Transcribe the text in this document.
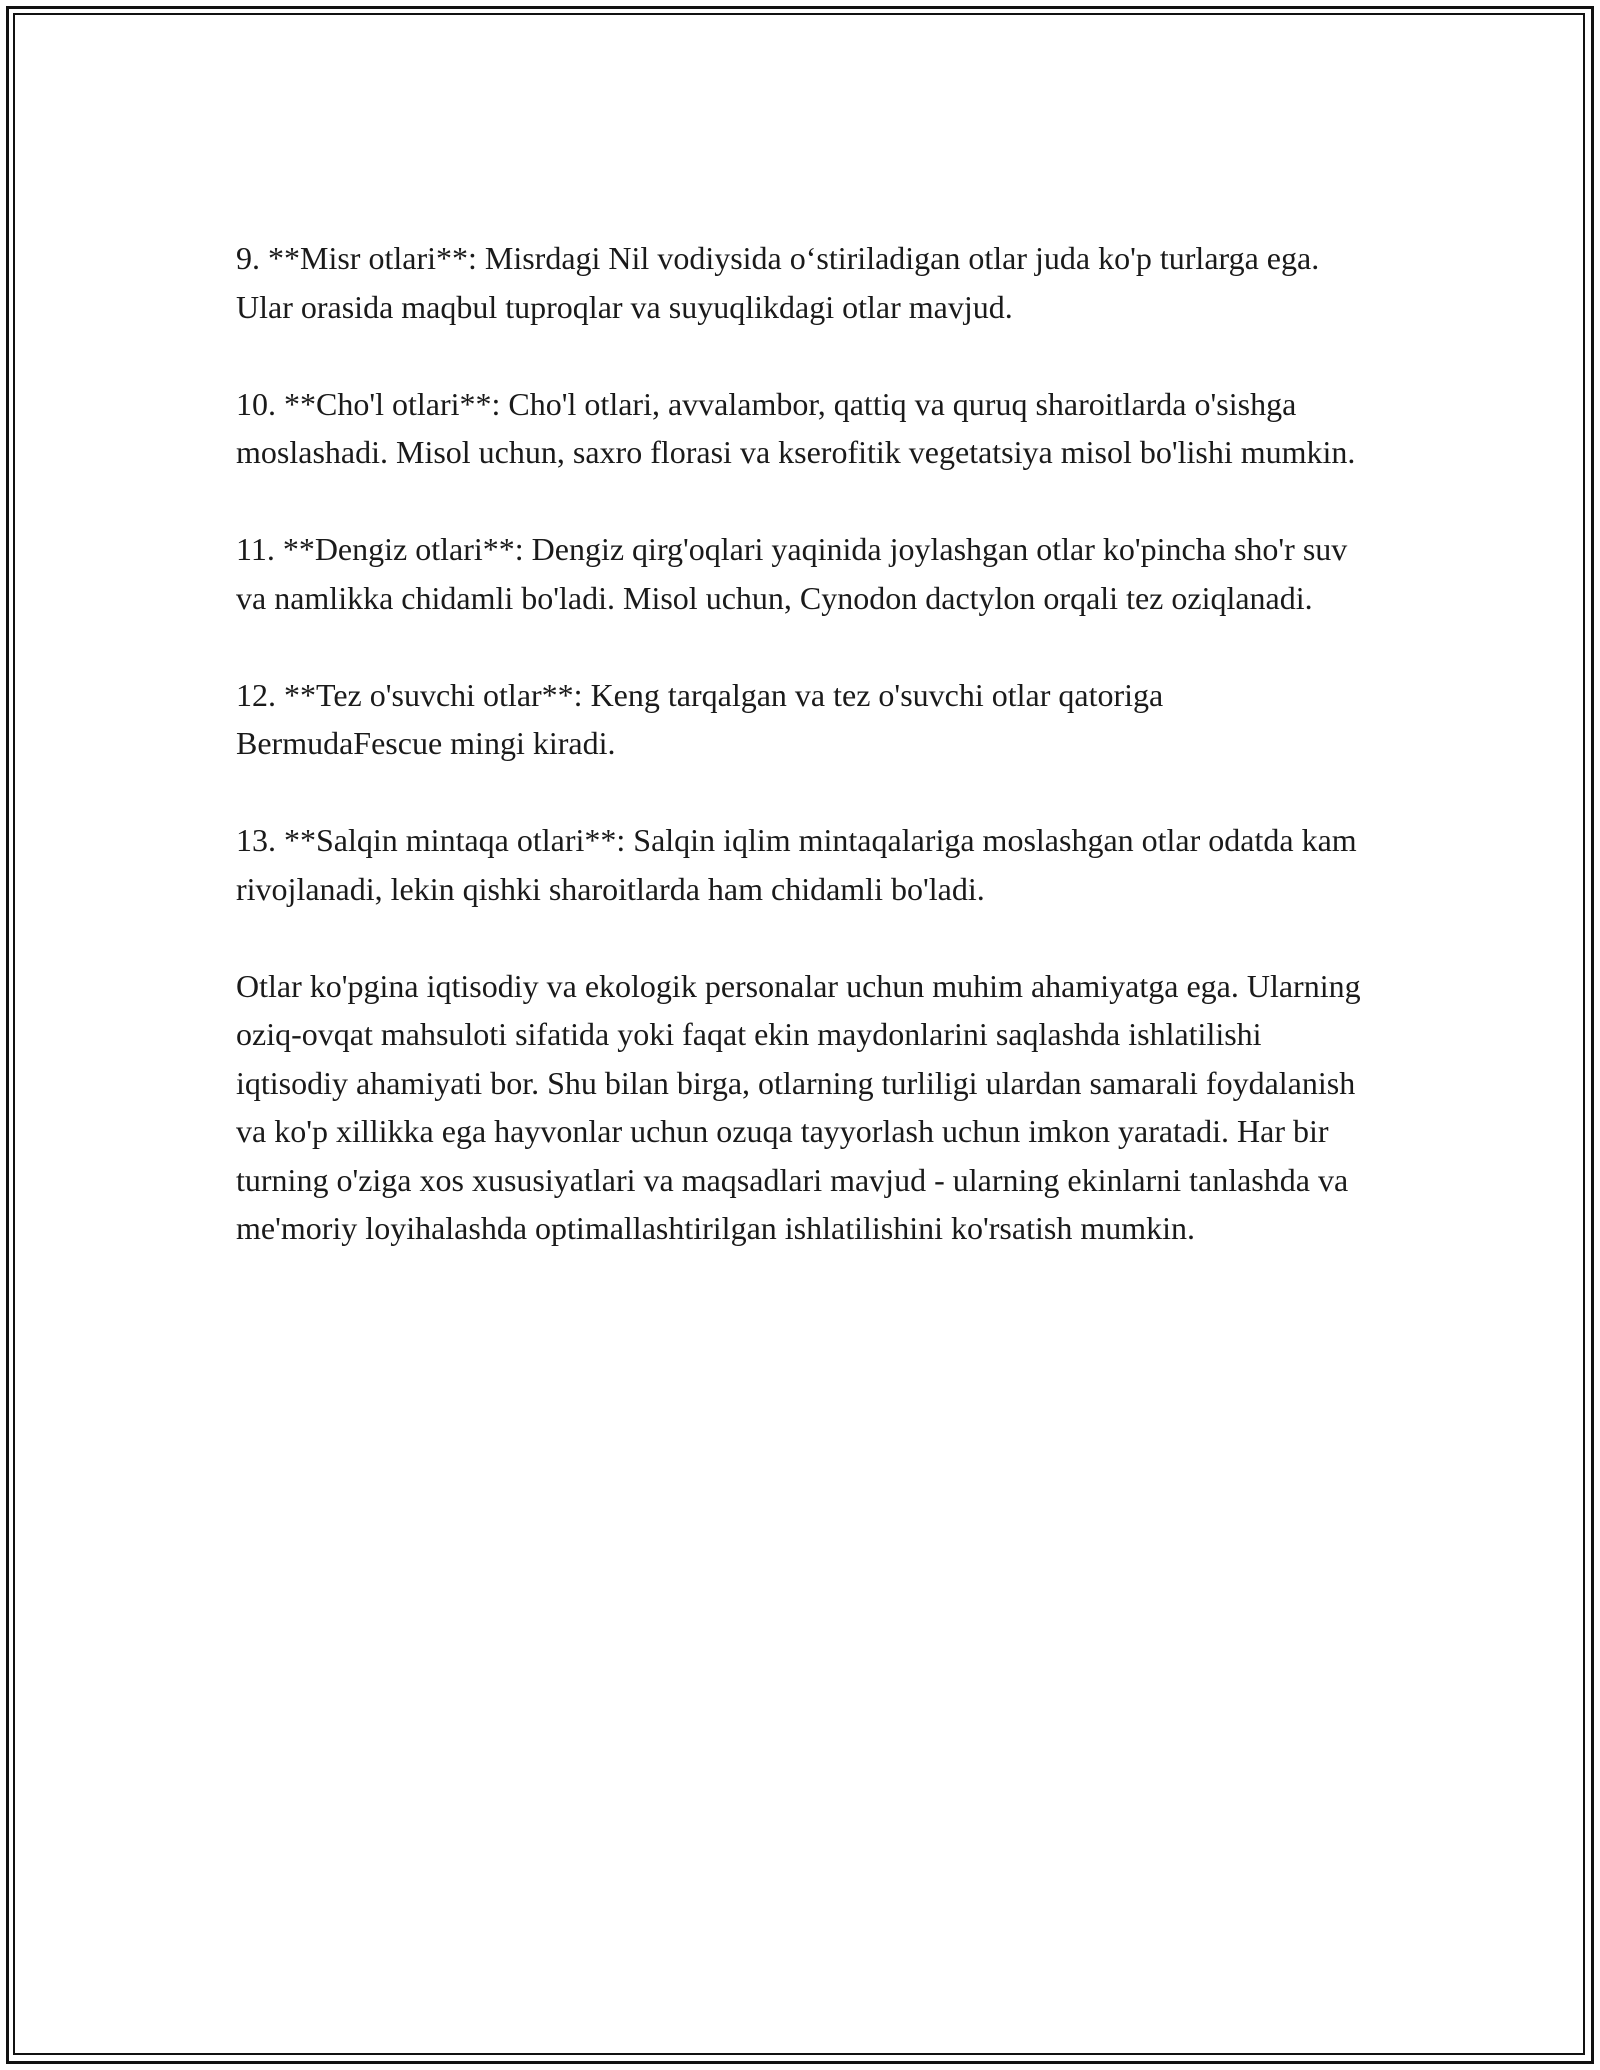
9. **Misr otlari**: Misrdagi Nil vodiysida o‘stiriladigan otlar juda ko'p turlarga ega. Ular orasida maqbul tuproqlar va suyuqlikdagi otlar mavjud.

10. **Cho'l otlari**: Cho'l otlari, avvalambor, qattiq va quruq sharoitlarda o'sishga moslashadi. Misol uchun, saxro florasi va kserofitik vegetatsiya misol bo'lishi mumkin.

11. **Dengiz otlari**: Dengiz qirg'oqlari yaqinida joylashgan otlar ko'pincha sho'r suv va namlikka chidamli bo'ladi. Misol uchun, Cynodon dactylon orqali tez oziqlanadi.

12. **Tez o'suvchi otlar**: Keng tarqalgan va tez o'suvchi otlar qatoriga BermudaFescue mingi kiradi.

13. **Salqin mintaqa otlari**: Salqin iqlim mintaqalariga moslashgan otlar odatda kam rivojlanadi, lekin qishki sharoitlarda ham chidamli bo'ladi.

Otlar ko'pgina iqtisodiy va ekologik personalar uchun muhim ahamiyatga ega. Ularning oziq-ovqat mahsuloti sifatida yoki faqat ekin maydonlarini saqlashda ishlatilishi iqtisodiy ahamiyati bor. Shu bilan birga, otlarning turliligi ulardan samarali foydalanish va ko'p xillikka ega hayvonlar uchun ozuqa tayyorlash uchun imkon yaratadi. Har bir turning o'ziga xos xususiyatlari va maqsadlari mavjud - ularning ekinlarni tanlashda va me'moriy loyihalashda optimallashtirilgan ishlatilishini ko'rsatish mumkin.
